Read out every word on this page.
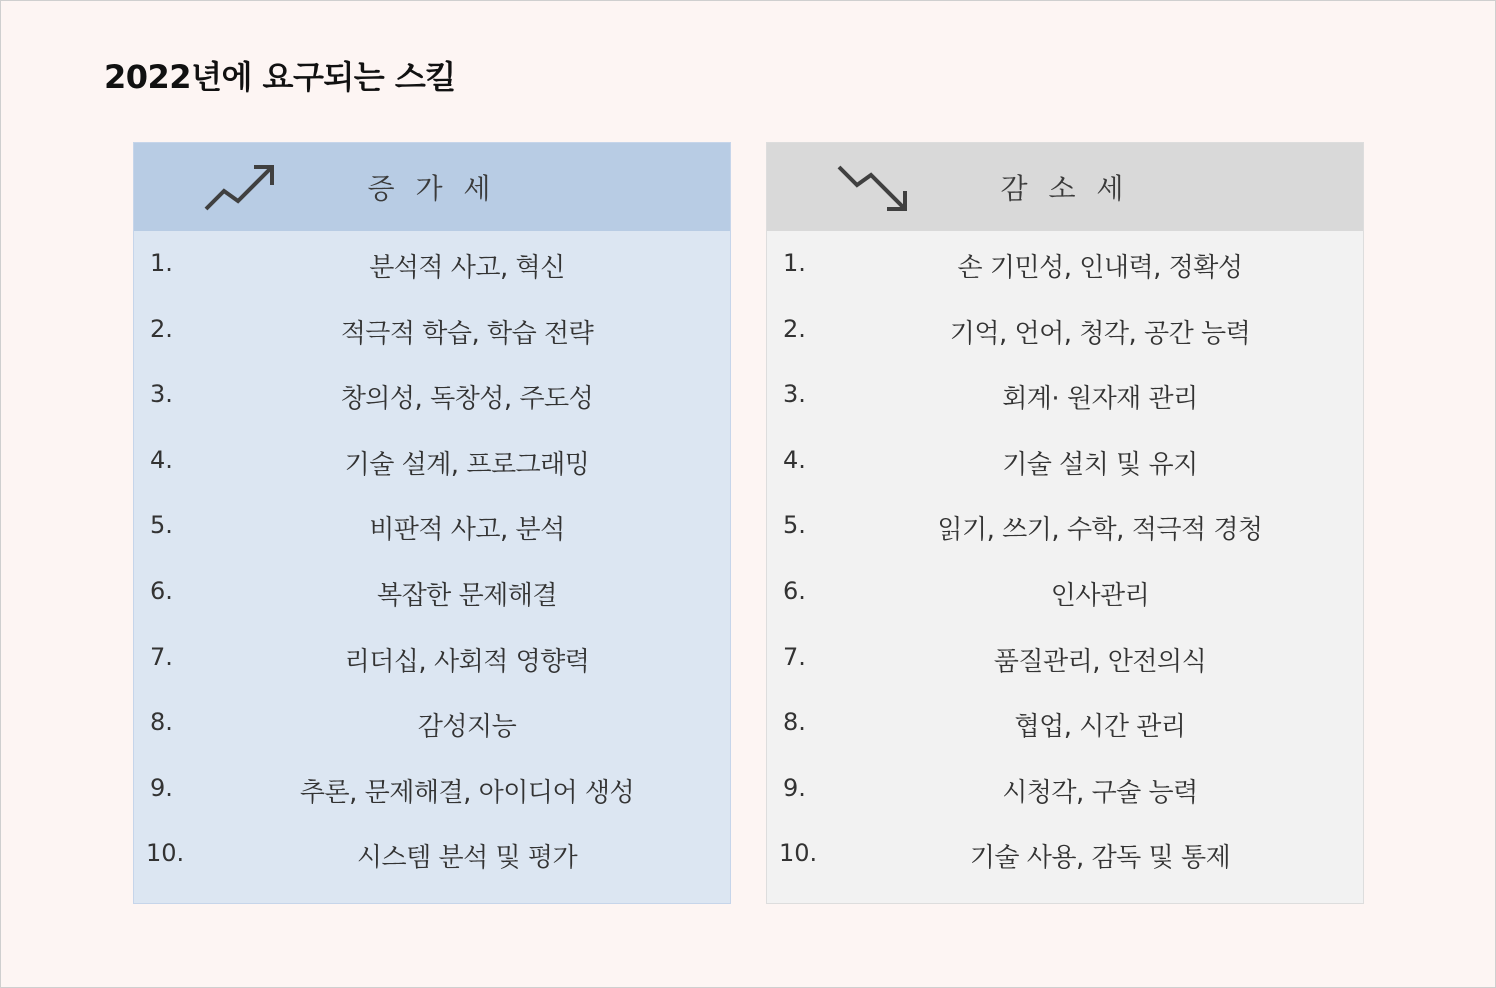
2022년에 요구되는 스킬
증 가 세
1.	분석적 사고, 혁신
2.	적극적 학습, 학습 전략
3.	창의성, 독창성, 주도성
4.	기술 설계, 프로그래밍
5.	비판적 사고, 분석
6.	복잡한 문제해결
7.	리더십, 사회적 영향력
8.	감성지능
9.	추론, 문제해결, 아이디어 생성
10.	시스템 분석 및 평가
감 소 세
1.	손 기민성, 인내력, 정확성
2.	기억, 언어, 청각, 공간 능력
3.	회계· 원자재 관리
4.	기술 설치 및 유지
5.	읽기, 쓰기, 수학, 적극적 경청
6.	인사관리
7.	품질관리, 안전의식
8.	협업, 시간 관리
9.	시청각, 구술 능력
10.	기술 사용, 감독 및 통제
